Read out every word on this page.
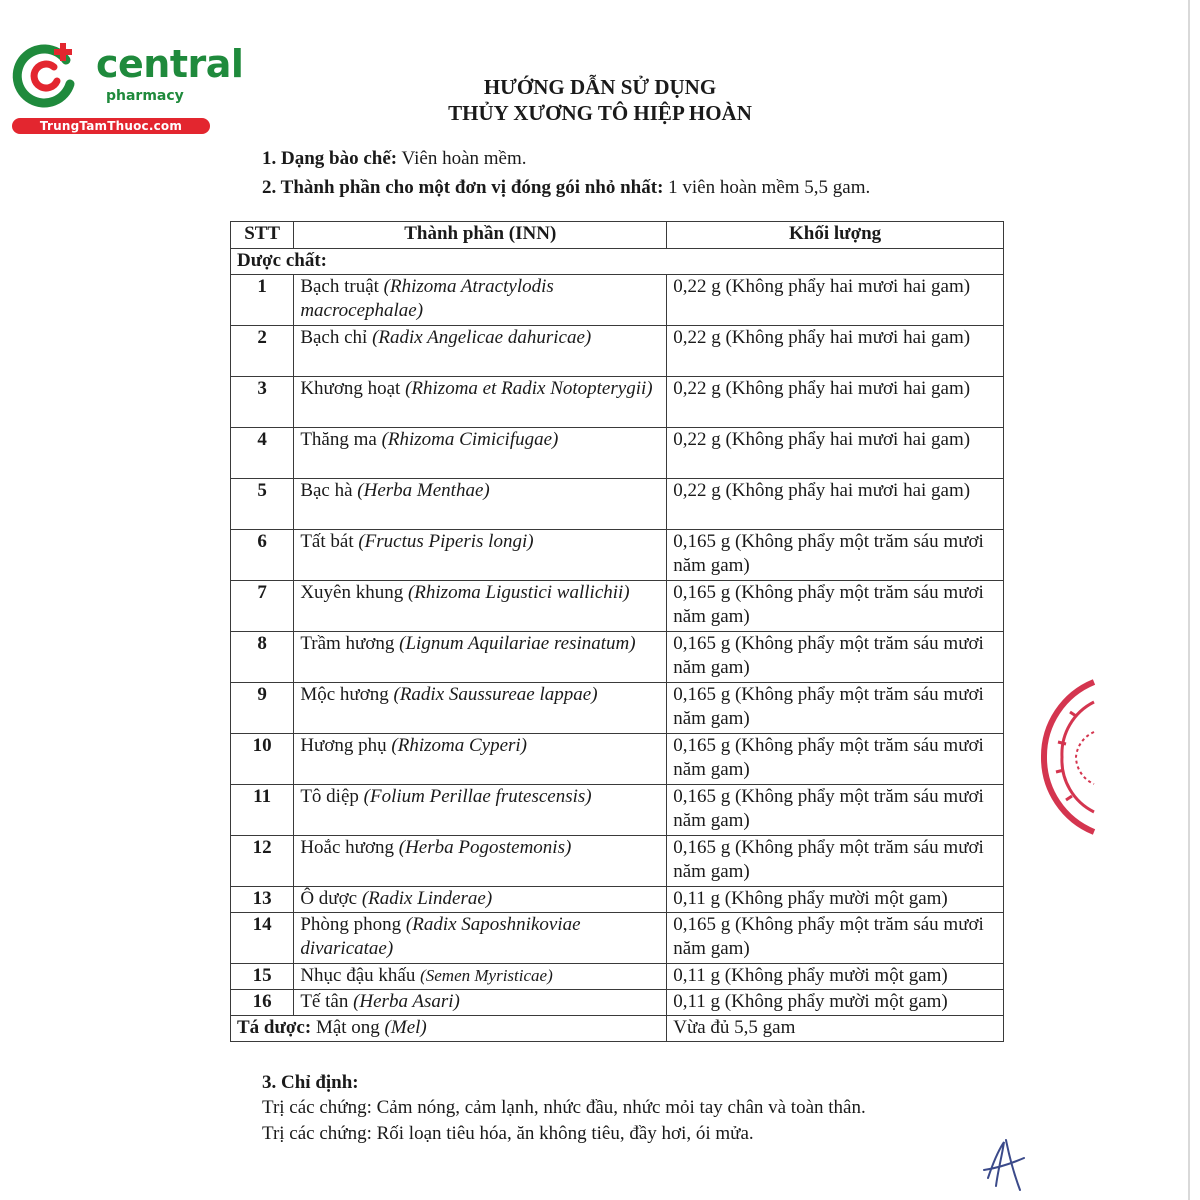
central
pharmacy
TrungTamThuoc.com
HƯỚNG DẪN SỬ DỤNG
THỦY XƯƠNG TÔ HIỆP HOÀN
1. Dạng bào chế: Viên hoàn mềm.
2. Thành phần cho một đơn vị đóng gói nhỏ nhất: 1 viên hoàn mềm 5,5 gam.
STT	Thành phần (INN)	Khối lượng
Dược chất:		
1	Bạch truật (Rhizoma Atractylodis macrocephalae)	0,22 g (Không phẩy hai mươi hai gam)
2	Bạch chỉ (Radix Angelicae dahuricae)	0,22 g (Không phẩy hai mươi hai gam)
3	Khương hoạt (Rhizoma et Radix Notopterygii)	0,22 g (Không phẩy hai mươi hai gam)
4	Thăng ma (Rhizoma Cimicifugae)	0,22 g (Không phẩy hai mươi hai gam)
5	Bạc hà (Herba Menthae)	0,22 g (Không phẩy hai mươi hai gam)
6	Tất bát (Fructus Piperis longi)	0,165 g (Không phẩy một trăm sáu mươi năm gam)
7	Xuyên khung (Rhizoma Ligustici wallichii)	0,165 g (Không phẩy một trăm sáu mươi năm gam)
8	Trầm hương (Lignum Aquilariae resinatum)	0,165 g (Không phẩy một trăm sáu mươi năm gam)
9	Mộc hương (Radix Saussureae lappae)	0,165 g (Không phẩy một trăm sáu mươi năm gam)
10	Hương phụ (Rhizoma Cyperi)	0,165 g (Không phẩy một trăm sáu mươi năm gam)
11	Tô diệp (Folium Perillae frutescensis)	0,165 g (Không phẩy một trăm sáu mươi năm gam)
12	Hoắc hương (Herba Pogostemonis)	0,165 g (Không phẩy một trăm sáu mươi năm gam)
13	Ô dược (Radix Linderae)	0,11 g (Không phẩy mười một gam)
14	Phòng phong (Radix Saposhnikoviae divaricatae)	0,165 g (Không phẩy một trăm sáu mươi năm gam)
15	Nhục đậu khấu (Semen Myristicae)	0,11 g (Không phẩy mười một gam)
16	Tế tân (Herba Asari)	0,11 g (Không phẩy mười một gam)
Tá dược: Mật ong (Mel)		Vừa đủ 5,5 gam
3. Chỉ định:
Trị các chứng: Cảm nóng, cảm lạnh, nhức đầu, nhức mỏi tay chân và toàn thân.
Trị các chứng: Rối loạn tiêu hóa, ăn không tiêu, đầy hơi, ói mửa.
